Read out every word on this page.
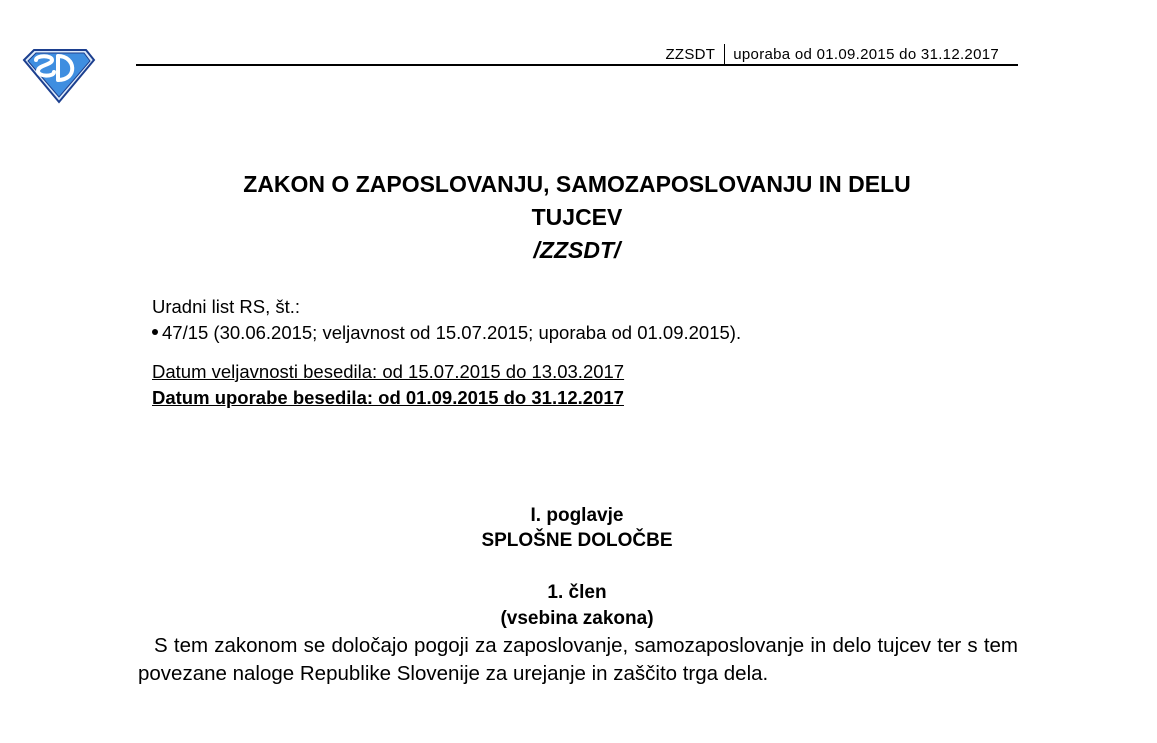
ZZSDT uporaba od 01.09.2015 do 31.12.2017
ZAKON O ZAPOSLOVANJU, SAMOZAPOSLOVANJU IN DELU
TUJCEV
/ZZSDT/
Uradni list RS, št.:
47/15 (30.06.2015; veljavnost od 15.07.2015; uporaba od 01.09.2015).
Datum veljavnosti besedila: od 15.07.2015 do 13.03.2017
Datum uporabe besedila: od 01.09.2015 do 31.12.2017
I. poglavje
SPLOŠNE DOLOČBE
1. člen
(vsebina zakona)
S tem zakonom se določajo pogoji za zaposlovanje, samozaposlovanje in delo tujcev ter s tem povezane naloge Republike Slovenije za urejanje in zaščito trga dela.
